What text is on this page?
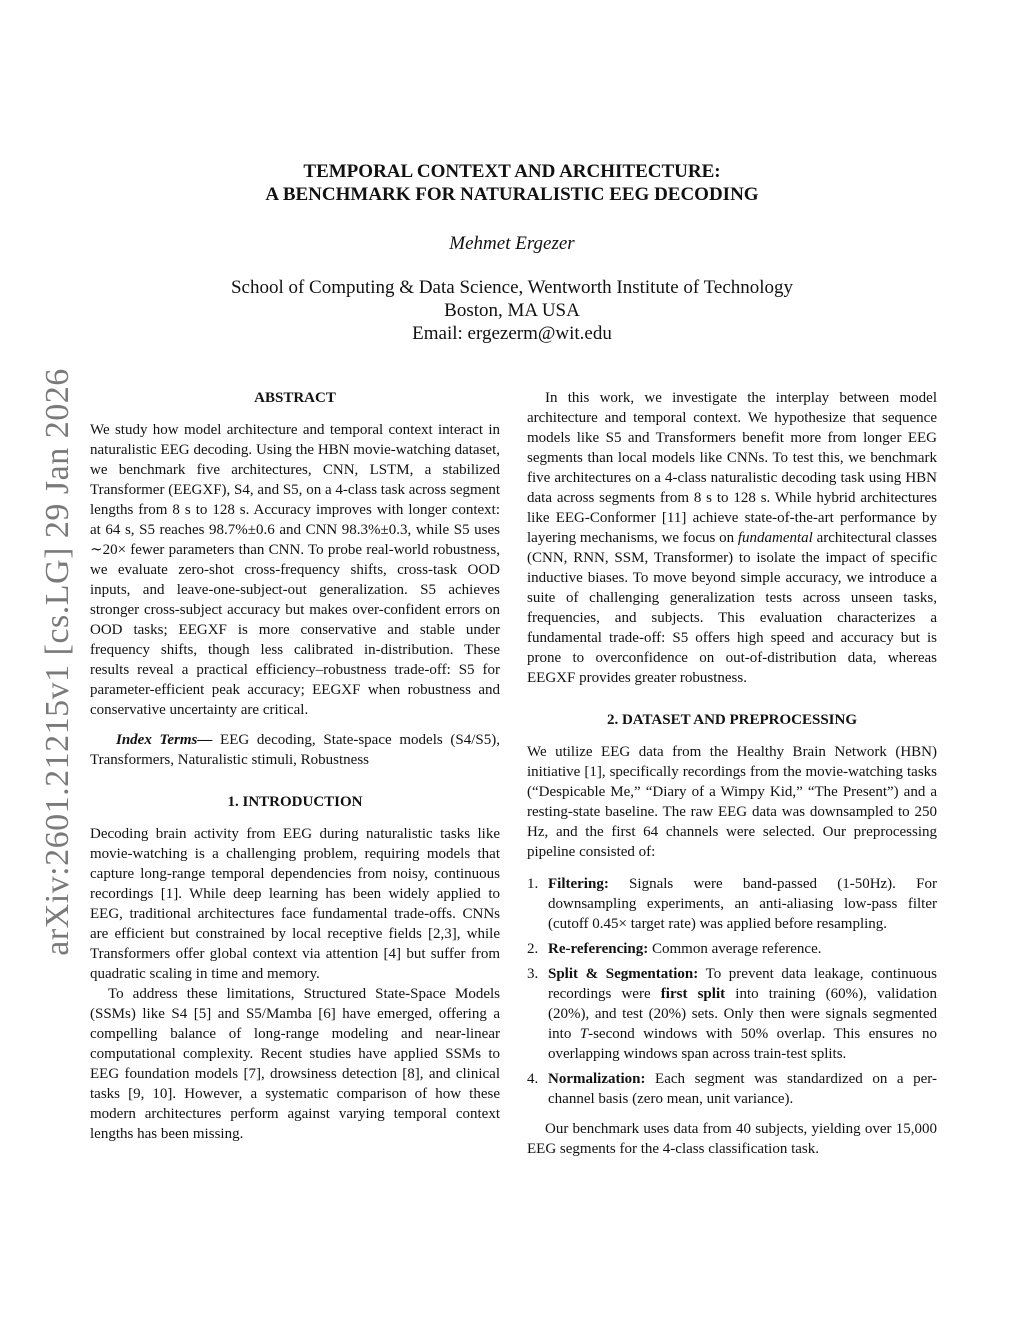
arXiv:2601.21215v1 [cs.LG] 29 Jan 2026

TEMPORAL CONTEXT AND ARCHITECTURE:

A BENCHMARK FOR NATURALISTIC EEG DECODING

Mehmet Ergezer
School of Computing & Data Science, Wentworth Institute of Technology
Boston, MA USA
Email: ergezerm@wit.edu
ABSTRACT

We study how model architecture and temporal context interact in naturalistic EEG decoding. Using the HBN movie-watching dataset, we benchmark five architectures, CNN, LSTM, a stabilized Transformer (EEGXF), S4, and S5, on a 4-class task across segment lengths from 8 s to 128 s. Accuracy improves with longer context: at 64 s, S5 reaches 98.7%±0.6 and CNN 98.3%±0.3, while S5 uses ∼20× fewer parameters than CNN. To probe real-world robustness, we evaluate zero-shot cross-frequency shifts, cross-task OOD inputs, and leave-one-subject-out generalization. S5 achieves stronger cross-subject accuracy but makes over-confident errors on OOD tasks; EEGXF is more conservative and stable under frequency shifts, though less calibrated in-distribution. These results reveal a practical efficiency–robustness trade-off: S5 for parameter-efficient peak accuracy; EEGXF when robustness and conservative uncertainty are critical.

Index Terms— EEG decoding, State-space models (S4/S5), Transformers, Naturalistic stimuli, Robustness

1. INTRODUCTION

Decoding brain activity from EEG during naturalistic tasks like movie-watching is a challenging problem, requiring models that capture long-range temporal dependencies from noisy, continuous recordings [1]. While deep learning has been widely applied to EEG, traditional architectures face fundamental trade-offs. CNNs are efficient but constrained by local receptive fields [2,3], while Transformers offer global context via attention [4] but suffer from quadratic scaling in time and memory.

To address these limitations, Structured State-Space Models (SSMs) like S4 [5] and S5/Mamba [6] have emerged, offering a compelling balance of long-range modeling and near-linear computational complexity. Recent studies have applied SSMs to EEG foundation models [7], drowsiness detection [8], and clinical tasks [9, 10]. However, a systematic comparison of how these modern architectures perform against varying temporal context lengths has been missing.

In this work, we investigate the interplay between model architecture and temporal context. We hypothesize that sequence models like S5 and Transformers benefit more from longer EEG segments than local models like CNNs. To test this, we benchmark five architectures on a 4-class naturalistic decoding task using HBN data across segments from 8 s to 128 s. While hybrid architectures like EEG-Conformer [11] achieve state-of-the-art performance by layering mechanisms, we focus on fundamental architectural classes (CNN, RNN, SSM, Transformer) to isolate the impact of specific inductive biases. To move beyond simple accuracy, we introduce a suite of challenging generalization tests across unseen tasks, frequencies, and subjects. This evaluation characterizes a fundamental trade-off: S5 offers high speed and accuracy but is prone to overconfidence on out-of-distribution data, whereas EEGXF provides greater robustness.

2. DATASET AND PREPROCESSING

We utilize EEG data from the Healthy Brain Network (HBN) initiative [1], specifically recordings from the movie-watching tasks (“Despicable Me,” “Diary of a Wimpy Kid,” “The Present”) and a resting-state baseline. The raw EEG data was downsampled to 250 Hz, and the first 64 channels were selected. Our preprocessing pipeline consisted of:

1. Filtering: Signals were band-passed (1-50Hz). For downsampling experiments, an anti-aliasing low-pass filter (cutoff 0.45× target rate) was applied before resampling.
2. Re-referencing: Common average reference.
3. Split & Segmentation: To prevent data leakage, continuous recordings were first split into training (60%), validation (20%), and test (20%) sets. Only then were signals segmented into T-second windows with 50% overlap. This ensures no overlapping windows span across train-test splits.
4. Normalization: Each segment was standardized on a per-channel basis (zero mean, unit variance).

Our benchmark uses data from 40 subjects, yielding over 15,000 EEG segments for the 4-class classification task.
